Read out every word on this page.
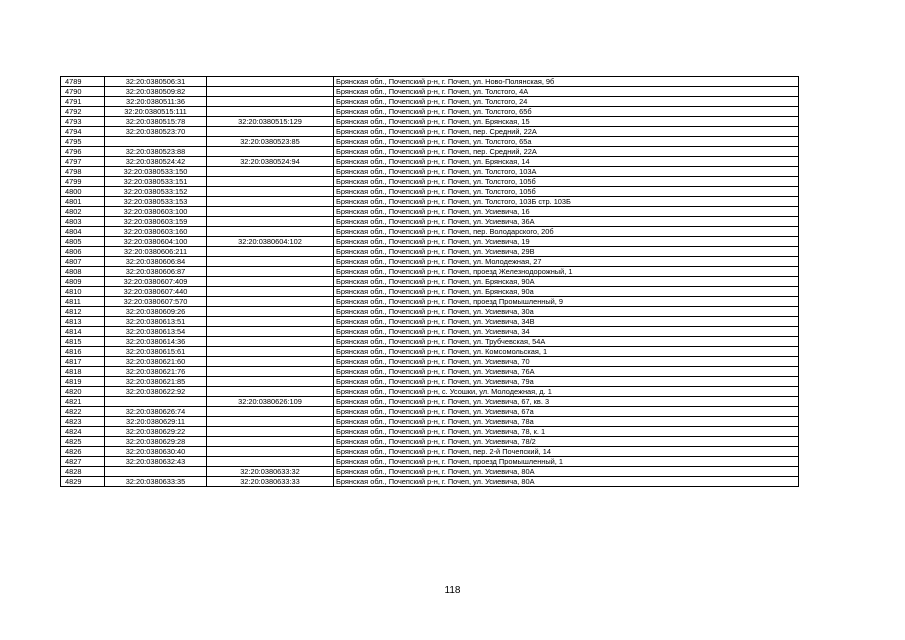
4789	32:20:0380506:31		Брянская обл., Почепский р-н, г. Почеп, ул. Ново-Полянская, 9б
4790	32:20:0380509:82		Брянская обл., Почепский р-н, г. Почеп, ул. Толстого, 4А
4791	32:20:0380511:36		Брянская обл., Почепский р-н, г. Почеп, ул. Толстого, 24
4792	32:20:0380515:111		Брянская обл., Почепский р-н, г. Почеп, ул. Толстого, 65б
4793	32:20:0380515:78	32:20:0380515:129	Брянская обл., Почепский р-н, г. Почеп, ул. Брянская, 15
4794	32:20:0380523:70		Брянская обл., Почепский р-н, г. Почеп, пер. Средний, 22А
4795		32:20:0380523:85	Брянская обл., Почепский р-н, г. Почеп, ул. Толстого, 65а
4796	32:20:0380523:88		Брянская обл., Почепский р-н, г. Почеп, пер. Средний, 22А
4797	32:20:0380524:42	32:20:0380524:94	Брянская обл., Почепский р-н, г. Почеп, ул. Брянская, 14
4798	32:20:0380533:150		Брянская обл., Почепский р-н, г. Почеп, ул. Толстого, 103А
4799	32:20:0380533:151		Брянская обл., Почепский р-н, г. Почеп, ул. Толстого, 105б
4800	32:20:0380533:152		Брянская обл., Почепский р-н, г. Почеп, ул. Толстого, 105б
4801	32:20:0380533:153		Брянская обл., Почепский р-н, г. Почеп, ул. Толстого, 103Б стр. 103Б
4802	32:20:0380603:100		Брянская обл., Почепский р-н, г. Почеп, ул. Усиевича, 16
4803	32:20:0380603:159		Брянская обл., Почепский р-н, г. Почеп, ул. Усиевича, 36А
4804	32:20:0380603:160		Брянская обл., Почепский р-н, г. Почеп, пер. Володарского, 20б
4805	32:20:0380604:100	32:20:0380604:102	Брянская обл., Почепский р-н, г. Почеп, ул. Усиевича, 19
4806	32:20:0380606:211		Брянская обл., Почепский р-н, г. Почеп, ул. Усиевича, 29В
4807	32:20:0380606:84		Брянская обл., Почепский р-н, г. Почеп, ул. Молодежная, 27
4808	32:20:0380606:87		Брянская обл., Почепский р-н, г. Почеп, проезд Железнодорожный, 1
4809	32:20:0380607:409		Брянская обл., Почепский р-н, г. Почеп, ул. Брянская, 90А
4810	32:20:0380607:440		Брянская обл., Почепский р-н, г. Почеп, ул. Брянская, 90а
4811	32:20:0380607:570		Брянская обл., Почепский р-н, г. Почеп, проезд Промышленный, 9
4812	32:20:0380609:26		Брянская обл., Почепский р-н, г. Почеп, ул. Усиевича, 30а
4813	32:20:0380613:51		Брянская обл., Почепский р-н, г. Почеп, ул. Усиевича, 34В
4814	32:20:0380613:54		Брянская обл., Почепский р-н, г. Почеп, ул. Усиевича, 34
4815	32:20:0380614:36		Брянская обл., Почепский р-н, г. Почеп, ул. Трубчевская, 54А
4816	32:20:0380615:61		Брянская обл., Почепский р-н, г. Почеп, ул. Комсомольская, 1
4817	32:20:0380621:60		Брянская обл., Почепский р-н, г. Почеп, ул. Усиевича, 70
4818	32:20:0380621:76		Брянская обл., Почепский р-н, г. Почеп, ул. Усиевича, 76А
4819	32:20:0380621:85		Брянская обл., Почепский р-н, г. Почеп, ул. Усиевича, 79а
4820	32:20:0380622:92		Брянская обл., Почепский р-н, с. Усошки, ул. Молодежная, д. 1
4821		32:20:0380626:109	Брянская обл., Почепский р-н, г. Почеп, ул. Усиевича, 67, кв. 3
4822	32:20:0380626:74		Брянская обл., Почепский р-н, г. Почеп, ул. Усиевича, 67а
4823	32:20:0380629:11		Брянская обл., Почепский р-н, г. Почеп, ул. Усиевича, 78а
4824	32:20:0380629:22		Брянская обл., Почепский р-н, г. Почеп, ул. Усиевича, 78, к. 1
4825	32:20:0380629:28		Брянская обл., Почепский р-н, г. Почеп, ул. Усиевича, 78/2
4826	32:20:0380630:40		Брянская обл., Почепский р-н, г. Почеп, пер. 2-й Почепский, 14
4827	32:20:0380632:43		Брянская обл., Почепский р-н, г. Почеп, проезд Промышленный, 1
4828		32:20:0380633:32	Брянская обл., Почепский р-н, г. Почеп, ул. Усиевича, 80А
4829	32:20:0380633:35	32:20:0380633:33	Брянская обл., Почепский р-н, г. Почеп, ул. Усиевича, 80А
118
